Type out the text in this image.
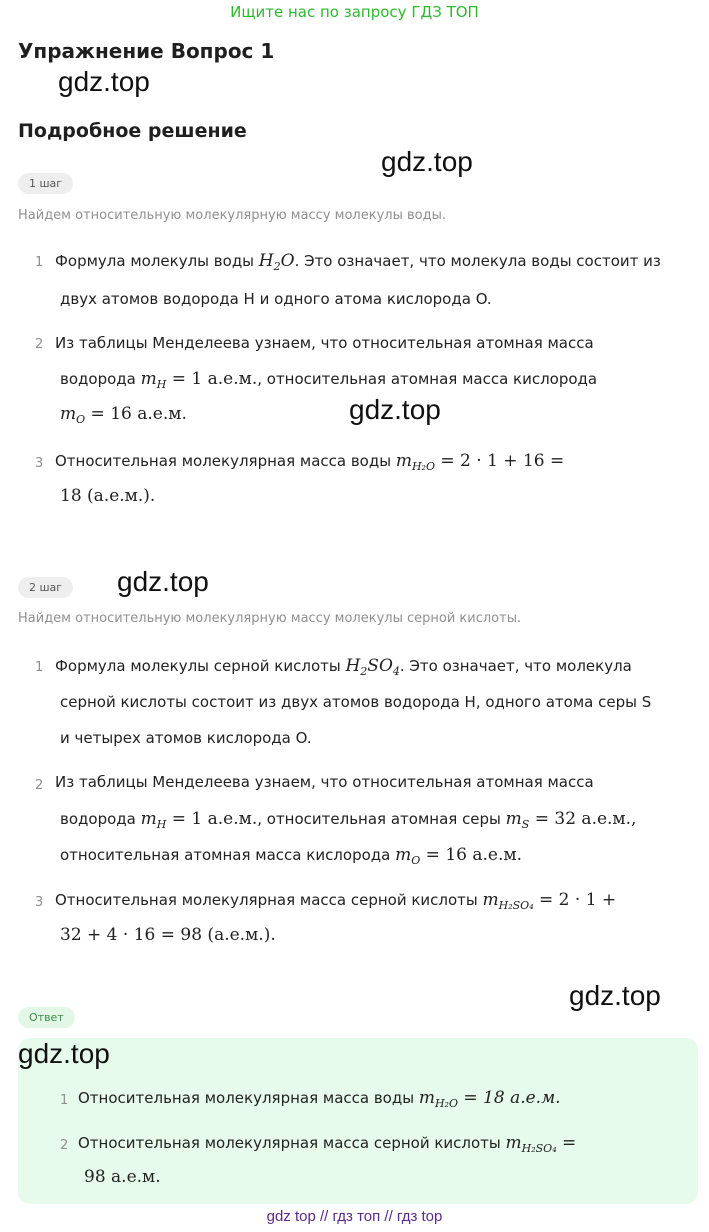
Ищите нас по запросу ГДЗ ТОП
Упражнение Вопрос 1
gdz.top
Подробное решение
gdz.top
1 шаг
Найдем относительную молекулярную массу молекулы воды.
1 Формула молекулы воды $H_2O$. Это означает, что молекула воды состоит из
двух атомов водорода H и одного атома кислорода O.
2 Из таблицы Менделеева узнаем, что относительная атомная масса
водорода $m_H = 1$ а.е.м., относительная атомная масса кислорода
$m_O = 16$ а.е.м.	gdz.top
3 Относительная молекулярная масса воды $m_{H_2O} = 2 \cdot 1 + 16$ =
18 (а.е.м.).
2 шаг	gdz.top
Найдем относительную молекулярную массу молекулы серной кислоты.
1 Формула молекулы серной кислоты $H_2SO_4$. Это означает, что молекула
серной кислоты состоит из двух атомов водорода H, одного атома серы S
и четырех атомов кислорода O.
2 Из таблицы Менделеева узнаем, что относительная атомная масса
водорода $m_H = 1$ а.е.м., относительная атомная серы $m_S = 32$ а.е.м.,
относительная атомная масса кислорода $m_O = 16$ а.е.м.
3 Относительная молекулярная масса серной кислоты $m_{H_2SO_4} = 2 \cdot 1$ +
32 + 4 · 16 = 98 (а.е.м.).
gdz.top
Ответ
gdz.top
1 Относительная молекулярная масса воды $m_{H_2O} = 18$ а.е.м.
2 Относительная молекулярная масса серной кислоты $m_{H_2SO_4}$ =
98 а.е.м.
gdz top // гдз топ // гдз top
